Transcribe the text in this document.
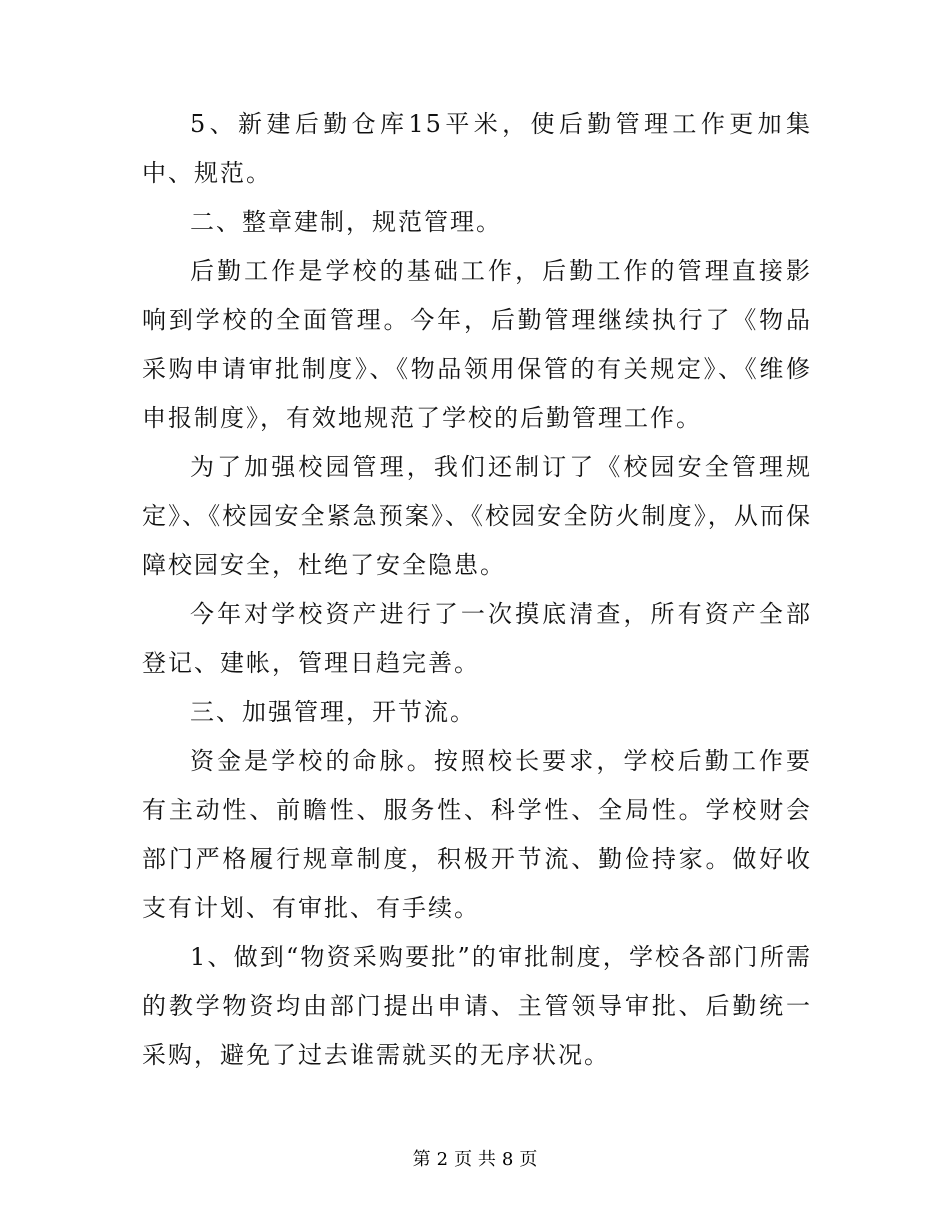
5、新建后勤仓库15平米，使后勤管理工作更加集中、规范。

二、整章建制，规范管理。

后勤工作是学校的基础工作，后勤工作的管理直接影响到学校的全面管理。今年，后勤管理继续执行了《物品采购申请审批制度》、《物品领用保管的有关规定》、《维修申报制度》，有效地规范了学校的后勤管理工作。

为了加强校园管理，我们还制订了《校园安全管理规定》、《校园安全紧急预案》、《校园安全防火制度》，从而保障校园安全，杜绝了安全隐患。

今年对学校资产进行了一次摸底清查，所有资产全部登记、建帐，管理日趋完善。

三、加强管理，开节流。

资金是学校的命脉。按照校长要求，学校后勤工作要有主动性、前瞻性、服务性、科学性、全局性。学校财会部门严格履行规章制度，积极开节流、勤俭持家。做好收支有计划、有审批、有手续。

1、做到“物资采购要批”的审批制度，学校各部门所需的教学物资均由部门提出申请、主管领导审批、后勤统一采购，避免了过去谁需就买的无序状况。

第 2 页 共 8 页
